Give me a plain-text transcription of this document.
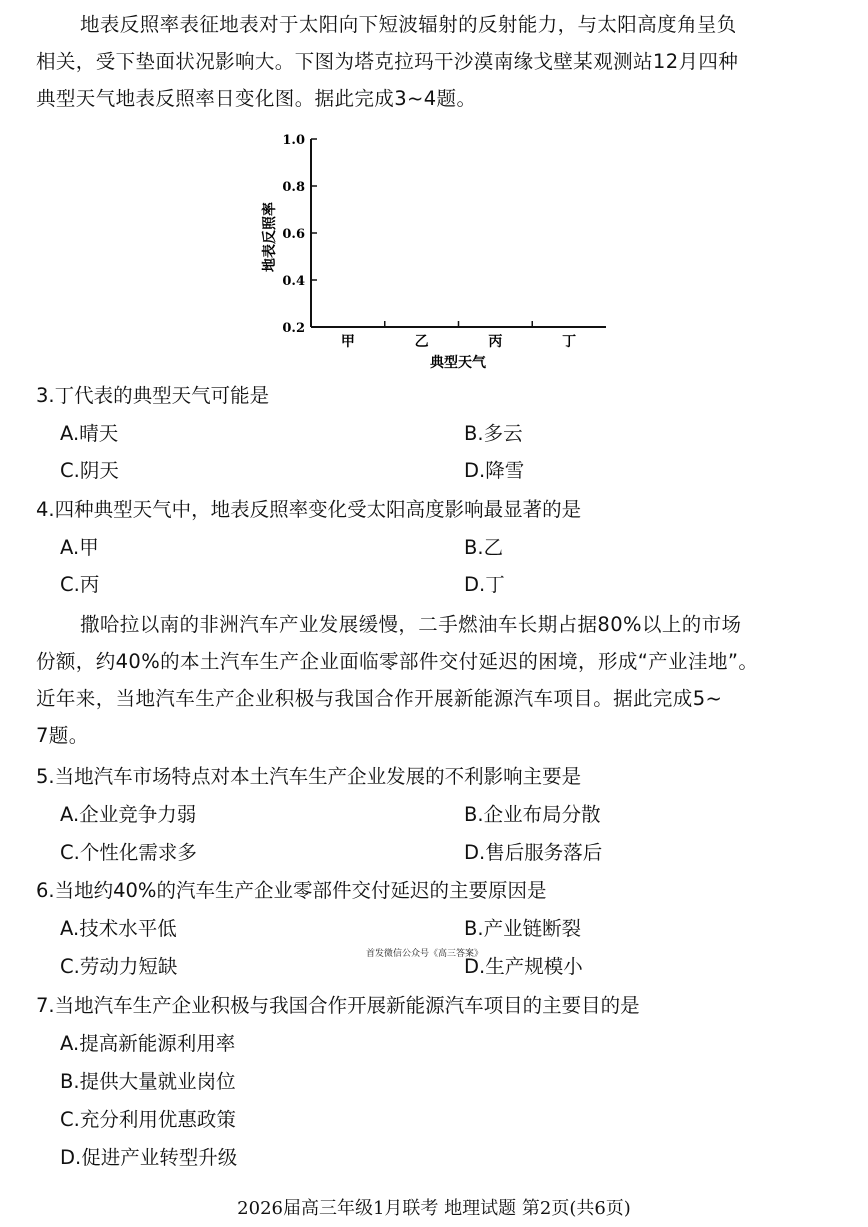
地表反照率表征地表对于太阳向下短波辐射的反射能力，与太阳高度角呈负
相关，受下垫面状况影响大。下图为塔克拉玛干沙漠南缘戈壁某观测站12月四种
典型天气地表反照率日变化图。据此完成3~4题。
0.2
0.4
0.6
0.8
1.0
甲	乙	丙	丁
地表反照率
典型天气
3.丁代表的典型天气可能是
A.晴天	B.多云
C.阴天	D.降雪
4.四种典型天气中，地表反照率变化受太阳高度影响最显著的是
A.甲	B.乙
C.丙	D.丁
撒哈拉以南的非洲汽车产业发展缓慢，二手燃油车长期占据80%以上的市场
份额，约40%的本土汽车生产企业面临零部件交付延迟的困境，形成“产业洼地”。
近年来，当地汽车生产企业积极与我国合作开展新能源汽车项目。据此完成5~
7题。
5.当地汽车市场特点对本土汽车生产企业发展的不利影响主要是
A.企业竞争力弱	B.企业布局分散
C.个性化需求多	D.售后服务落后
6.当地约40%的汽车生产企业零部件交付延迟的主要原因是
A.技术水平低	B.产业链断裂
C.劳动力短缺	D.生产规模小
首发微信公众号《高三答案》
7.当地汽车生产企业积极与我国合作开展新能源汽车项目的主要目的是
A.提高新能源利用率
B.提供大量就业岗位
C.充分利用优惠政策
D.促进产业转型升级
2026届高三年级1月联考 地理试题 第2页(共6页)
